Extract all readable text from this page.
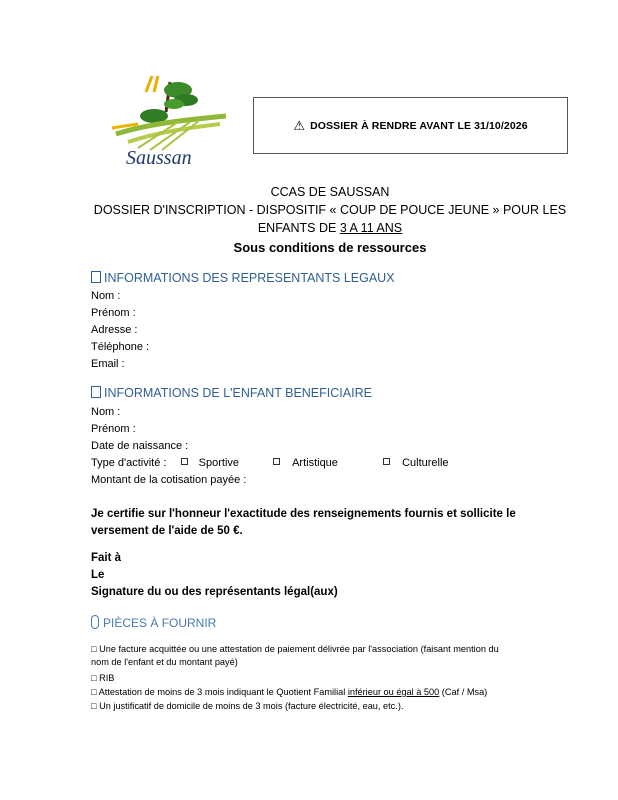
Saussan
⚠ DOSSIER À RENDRE AVANT LE 31/10/2026
CCAS DE SAUSSAN
DOSSIER D'INSCRIPTION - DISPOSITIF « COUP DE POUCE JEUNE » POUR LES
ENFANTS DE 3 A 11 ANS
Sous conditions de ressources
INFORMATIONS DES REPRESENTANTS LEGAUX
Nom :
Prénom :
Adresse :
Téléphone :
Email :
INFORMATIONS DE L'ENFANT BENEFICIAIRE
Nom :
Prénom :
Date de naissance :
Type d'activité :	Sportive	Artistique	Culturelle
Montant de la cotisation payée :
Je certifie sur l'honneur l'exactitude des renseignements fournis et sollicite le
versement de l'aide de 50 €.
Fait à
Le
Signature du ou des représentants légal(aux)
PIÈCES À FOURNIR
□ Une facture acquittée ou une attestation de paiement délivrée par l'association (faisant mention du
nom de l'enfant et du montant payé)
□ RIB
□ Attestation de moins de 3 mois indiquant le Quotient Familial inférieur ou égal à 500 (Caf / Msa)
□ Un justificatif de domicile de moins de 3 mois (facture électricité, eau, etc.).
